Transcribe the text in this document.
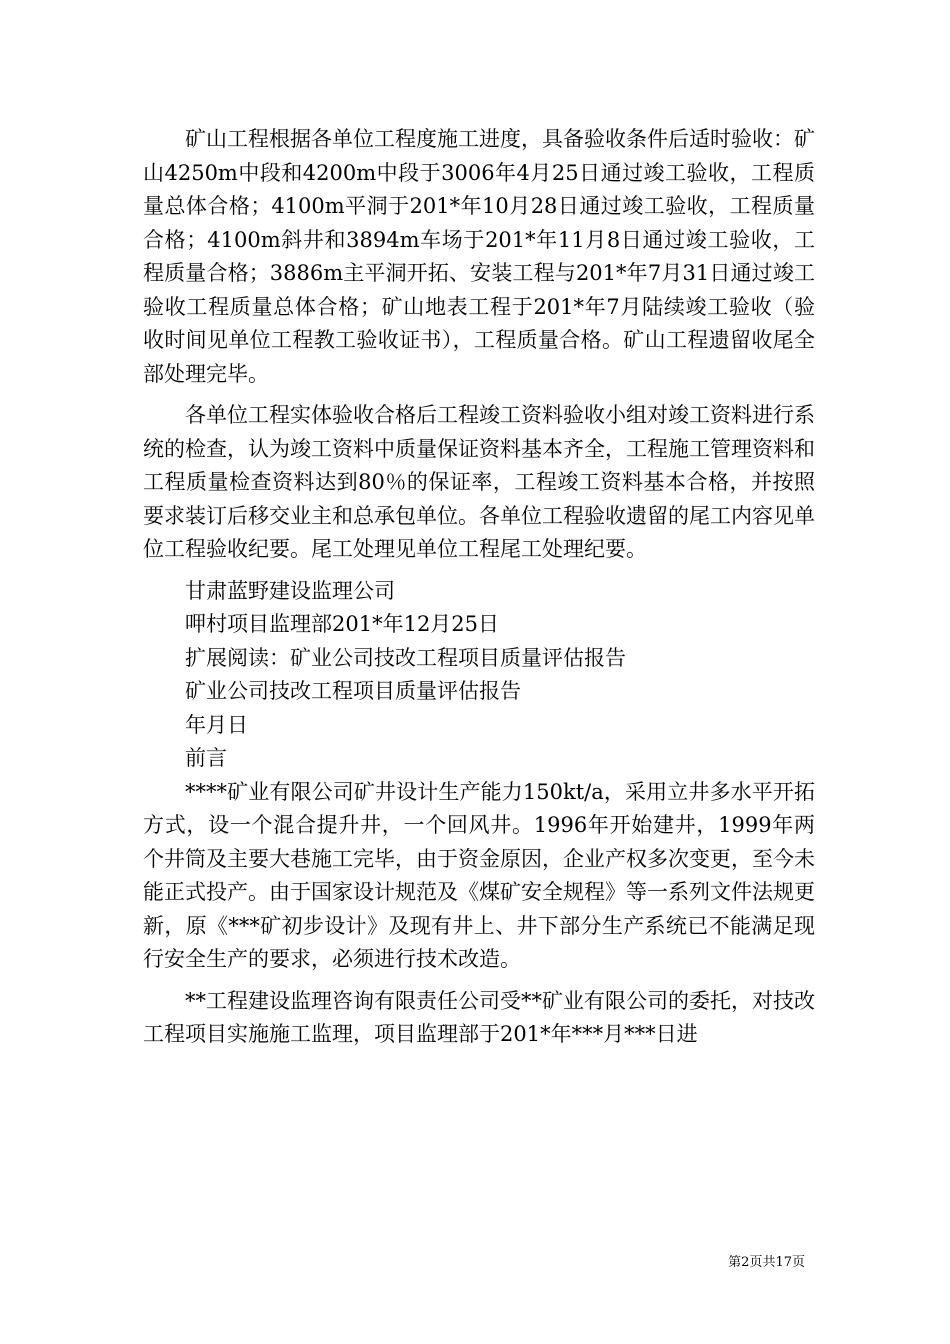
矿山工程根据各单位工程度施工进度，具备验收条件后适时验收：矿山4250m中段和4200m中段于3006年4月25日通过竣工验收，工程质量总体合格；4100m平洞于201*年10月28日通过竣工验收，工程质量合格；4100m斜井和3894m车场于201*年11月8日通过竣工验收，工程质量合格；3886m主平洞开拓、安装工程与201*年7月31日通过竣工验收工程质量总体合格；矿山地表工程于201*年7月陆续竣工验收（验收时间见单位工程教工验收证书），工程质量合格。矿山工程遗留收尾全部处理完毕。

各单位工程实体验收合格后工程竣工资料验收小组对竣工资料进行系统的检查，认为竣工资料中质量保证资料基本齐全，工程施工管理资料和工程质量检查资料达到80％的保证率，工程竣工资料基本合格，并按照要求装订后移交业主和总承包单位。各单位工程验收遗留的尾工内容见单位工程验收纪要。尾工处理见单位工程尾工处理纪要。

甘肃蓝野建设监理公司

呷村项目监理部201*年12月25日

扩展阅读：矿业公司技改工程项目质量评估报告

矿业公司技改工程项目质量评估报告

年月日

前言

****矿业有限公司矿井设计生产能力150kt/a，采用立井多水平开拓方式，设一个混合提升井，一个回风井。1996年开始建井，1999年两个井筒及主要大巷施工完毕，由于资金原因，企业产权多次变更，至今未能正式投产。由于国家设计规范及《煤矿安全规程》等一系列文件法规更新，原《***矿初步设计》及现有井上、井下部分生产系统已不能满足现行安全生产的要求，必须进行技术改造。

**工程建设监理咨询有限责任公司受**矿业有限公司的委托，对技改工程项目实施施工监理，项目监理部于201*年***月***日进

第2页共17页
